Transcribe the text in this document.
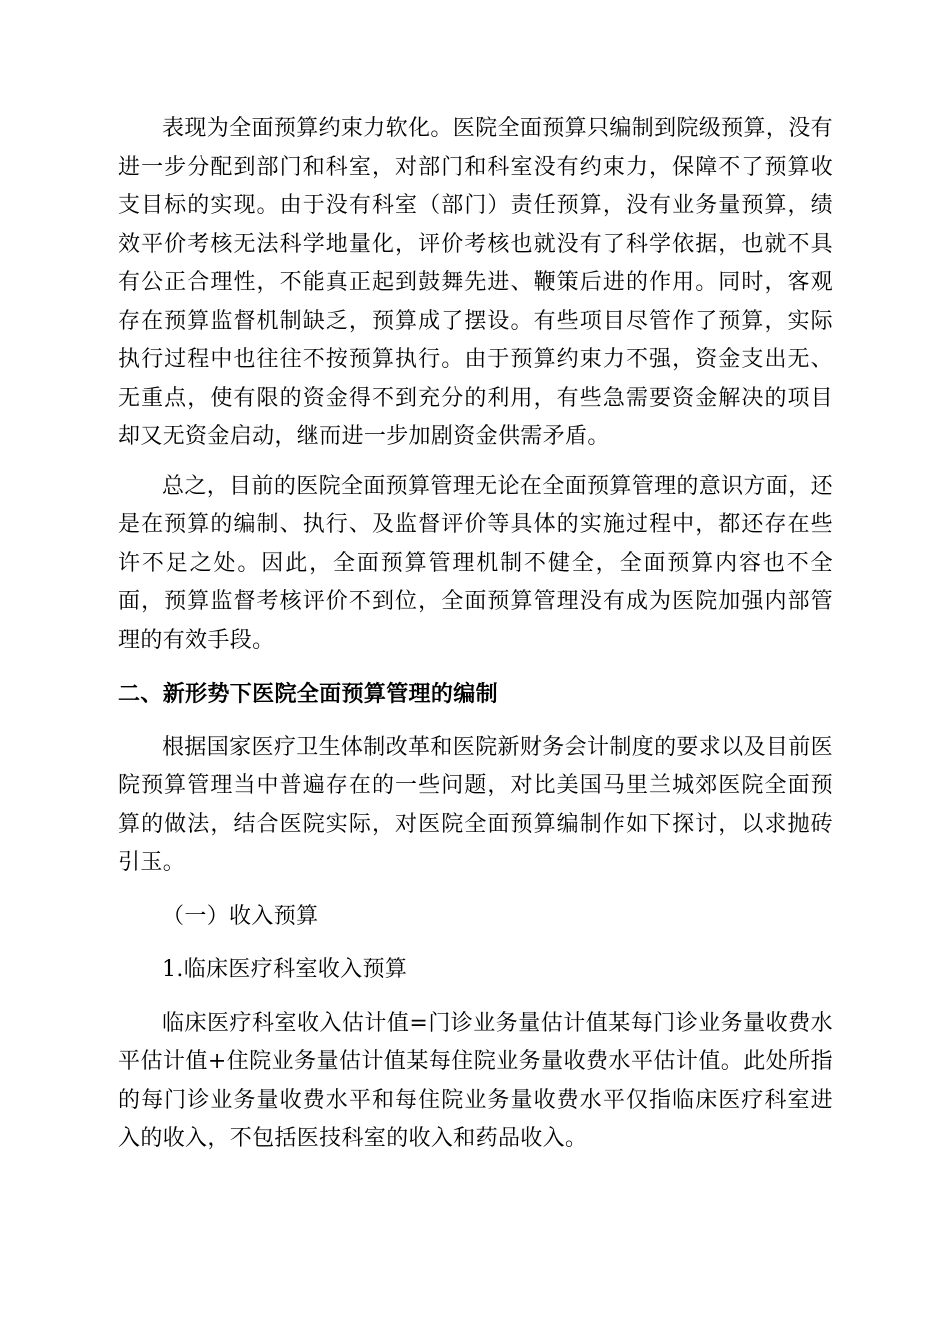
表现为全面预算约束力软化。医院全面预算只编制到院级预算，没有进一步分配到部门和科室，对部门和科室没有约束力，保障不了预算收支目标的实现。由于没有科室（部门）责任预算，没有业务量预算，绩效平价考核无法科学地量化，评价考核也就没有了科学依据，也就不具有公正合理性，不能真正起到鼓舞先进、鞭策后进的作用。同时，客观存在预算监督机制缺乏，预算成了摆设。有些项目尽管作了预算，实际执行过程中也往往不按预算执行。由于预算约束力不强，资金支出无、无重点，使有限的资金得不到充分的利用，有些急需要资金解决的项目却又无资金启动，继而进一步加剧资金供需矛盾。

总之，目前的医院全面预算管理无论在全面预算管理的意识方面，还是在预算的编制、执行、及监督评价等具体的实施过程中，都还存在些许不足之处。因此，全面预算管理机制不健全，全面预算内容也不全面，预算监督考核评价不到位，全面预算管理没有成为医院加强内部管理的有效手段。

二、新形势下医院全面预算管理的编制

根据国家医疗卫生体制改革和医院新财务会计制度的要求以及目前医院预算管理当中普遍存在的一些问题，对比美国马里兰城郊医院全面预算的做法，结合医院实际，对医院全面预算编制作如下探讨，以求抛砖引玉。

（一）收入预算

1.临床医疗科室收入预算

临床医疗科室收入估计值=门诊业务量估计值某每门诊业务量收费水平估计值+住院业务量估计值某每住院业务量收费水平估计值。此处所指的每门诊业务量收费水平和每住院业务量收费水平仅指临床医疗科室进入的收入，不包括医技科室的收入和药品收入。
